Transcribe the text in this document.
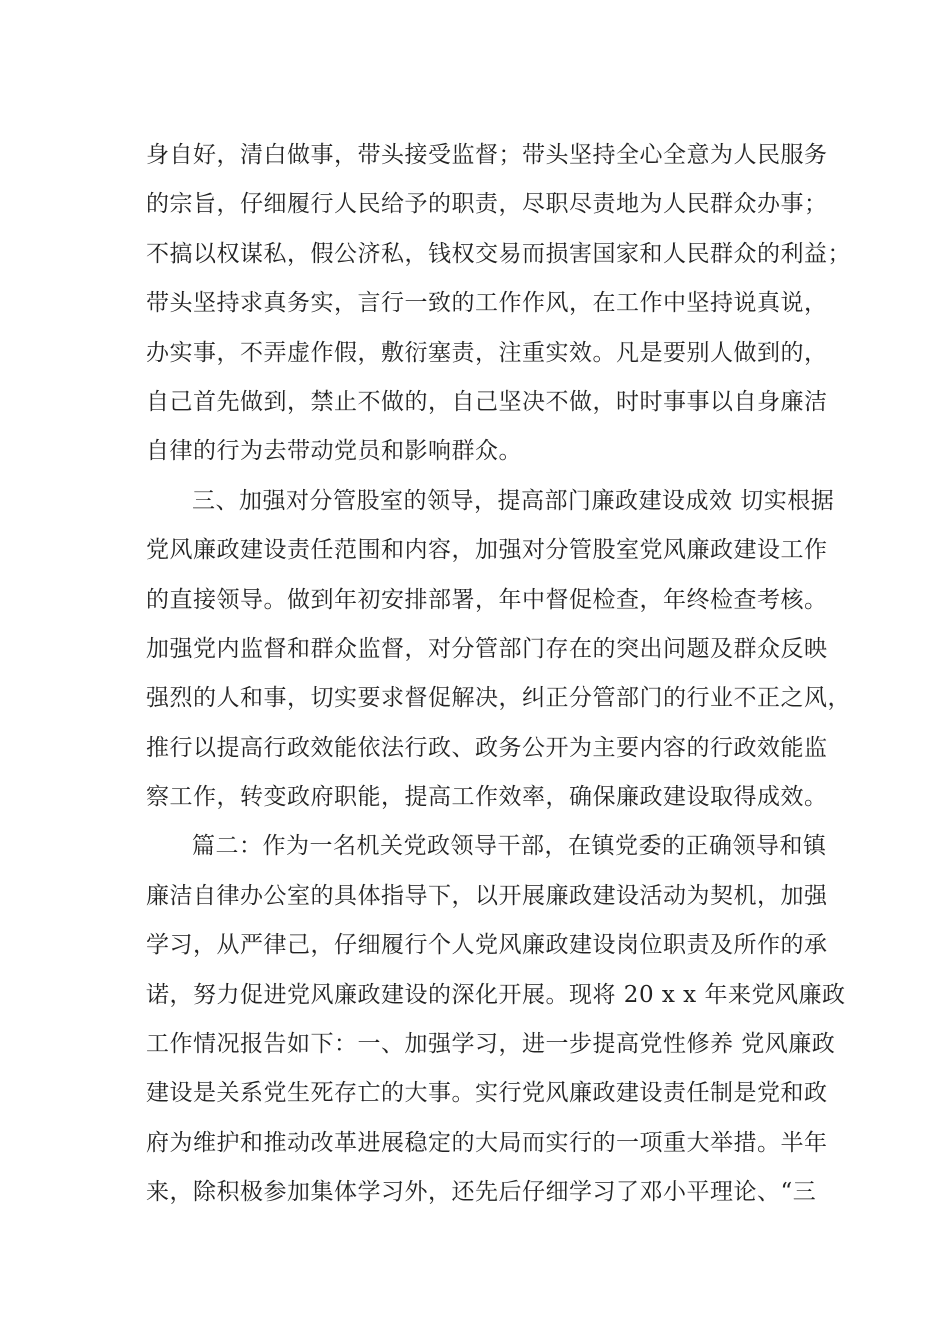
身自好，清白做事，带头接受监督；带头坚持全心全意为人民服务
的宗旨，仔细履行人民给予的职责，尽职尽责地为人民群众办事；
不搞以权谋私，假公济私，钱权交易而损害国家和人民群众的利益；
带头坚持求真务实，言行一致的工作作风，在工作中坚持说真说，
办实事，不弄虚作假，敷衍塞责，注重实效。凡是要别人做到的，
自己首先做到，禁止不做的，自己坚决不做，时时事事以自身廉洁
自律的行为去带动党员和影响群众。
三、加强对分管股室的领导，提高部门廉政建设成效 切实根据
党风廉政建设责任范围和内容，加强对分管股室党风廉政建设工作
的直接领导。做到年初安排部署，年中督促检查，年终检查考核。
加强党内监督和群众监督，对分管部门存在的突出问题及群众反映
强烈的人和事，切实要求督促解决，纠正分管部门的行业不正之风，
推行以提高行政效能依法行政、政务公开为主要内容的行政效能监
察工作，转变政府职能，提高工作效率，确保廉政建设取得成效。
篇二：作为一名机关党政领导干部，在镇党委的正确领导和镇
廉洁自律办公室的具体指导下，以开展廉政建设活动为契机，加强
学习，从严律己，仔细履行个人党风廉政建设岗位职责及所作的承
诺，努力促进党风廉政建设的深化开展。现将 20 x x 年来党风廉政
工作情况报告如下：一、加强学习，进一步提高党性修养 党风廉政
建设是关系党生死存亡的大事。实行党风廉政建设责任制是党和政
府为维护和推动改革进展稳定的大局而实行的一项重大举措。半年
来，除积极参加集体学习外，还先后仔细学习了邓小平理论、“三
